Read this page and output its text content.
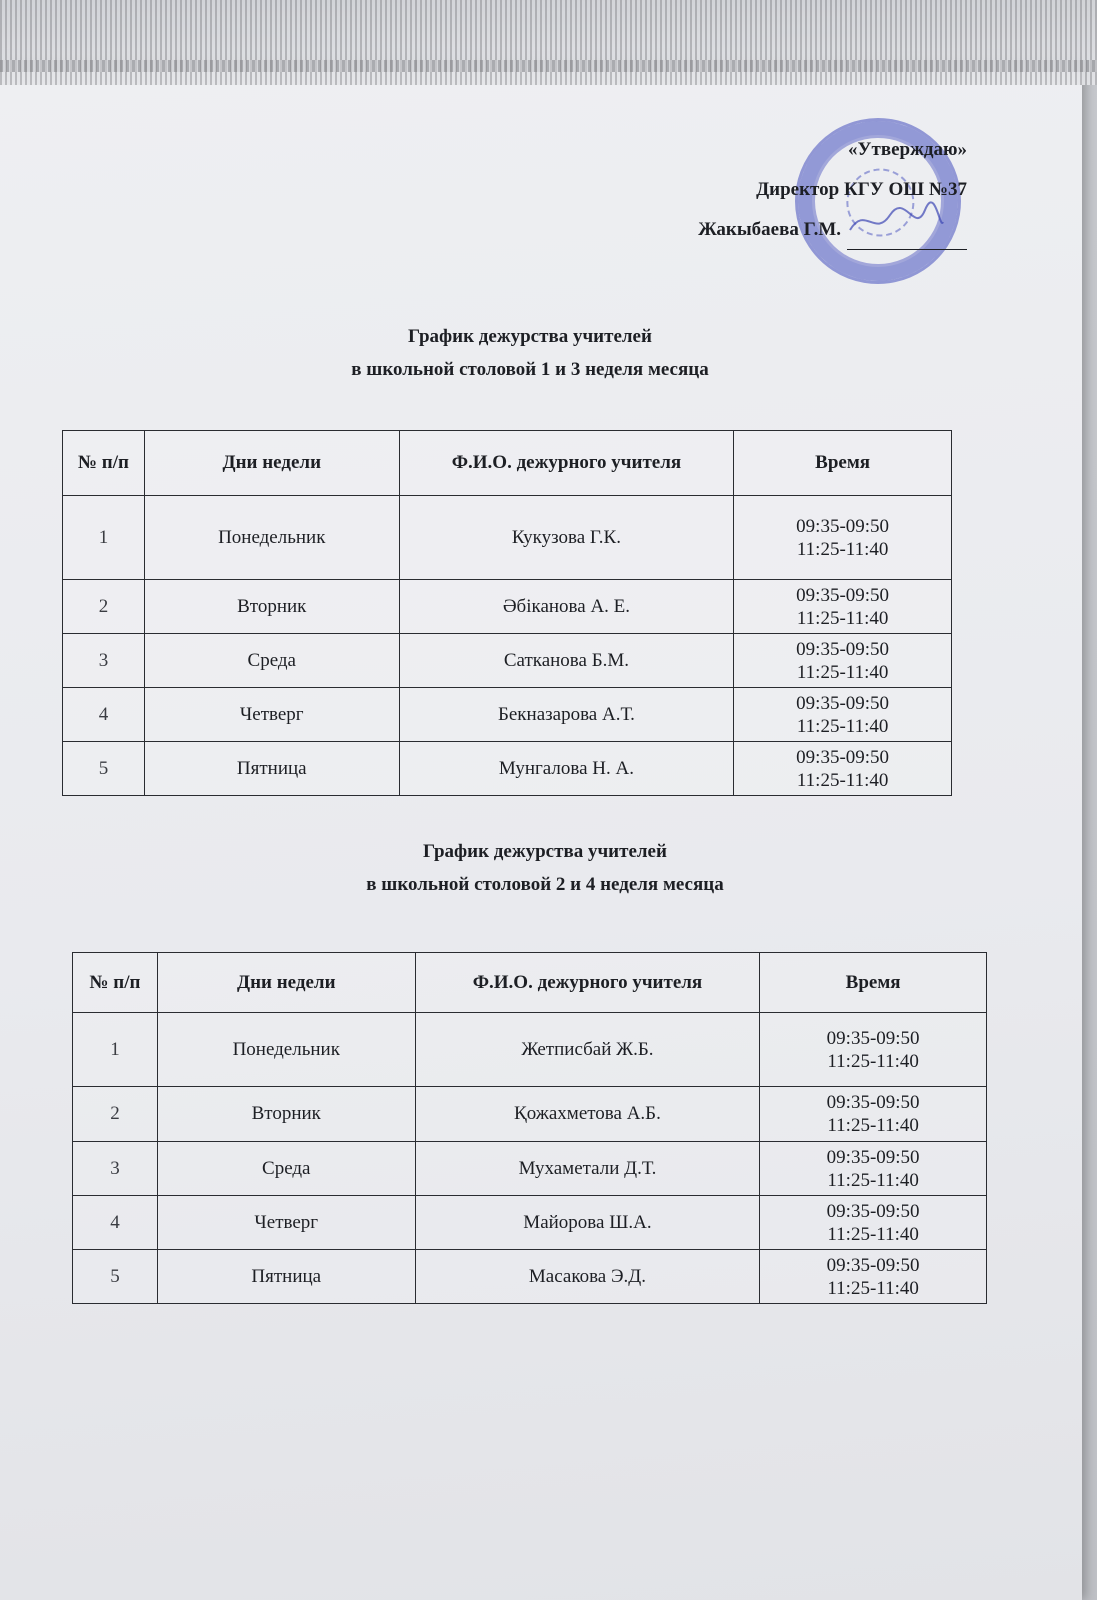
«Утверждаю»
Директор КГУ ОШ №37
Жакыбаева Г.М.
График дежурства учителей
в школьной столовой 1 и 3 неделя месяца
№ п/п	Дни недели	Ф.И.О. дежурного учителя	Время
1	Понедельник	Кукузова Г.К.	09:35-09:50
11:25-11:40

2	Вторник	Әбіканова А. Е.	09:35-09:50
11:25-11:40

3	Среда	Сатканова Б.М.	09:35-09:50
11:25-11:40

4	Четверг	Бекназарова А.Т.	09:35-09:50
11:25-11:40

5	Пятница	Мунгалова Н. А.	09:35-09:50
11:25-11:40
График дежурства учителей
в школьной столовой 2 и 4 неделя месяца
№ п/п	Дни недели	Ф.И.О. дежурного учителя	Время
1	Понедельник	Жетписбай Ж.Б.	09:35-09:50
11:25-11:40

2	Вторник	Қожахметова А.Б.	09:35-09:50
11:25-11:40

3	Среда	Мухаметали Д.Т.	09:35-09:50
11:25-11:40

4	Четверг	Майорова Ш.А.	09:35-09:50
11:25-11:40

5	Пятница	Масакова Э.Д.	09:35-09:50
11:25-11:40
